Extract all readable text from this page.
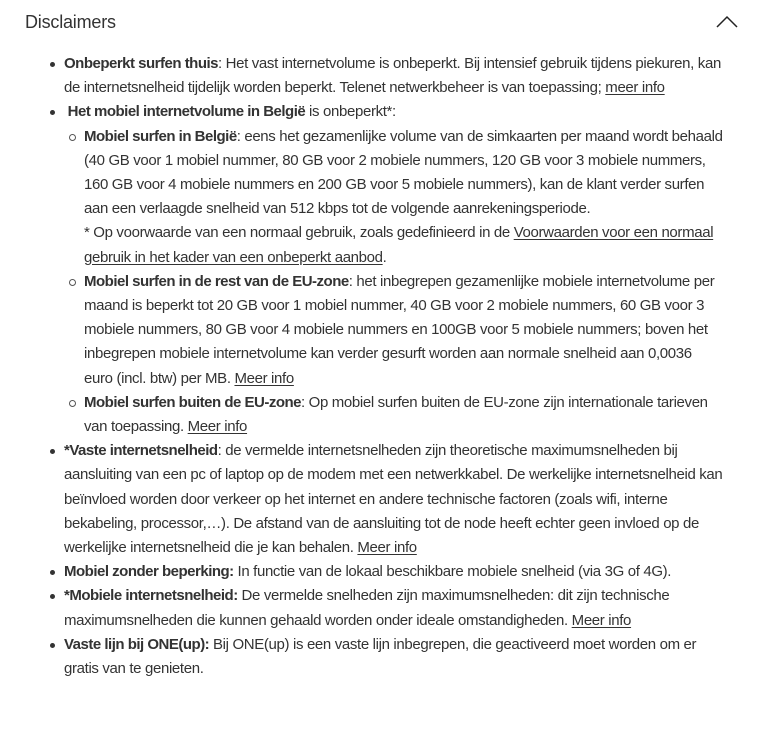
Disclaimers
Onbeperkt surfen thuis: Het vast internetvolume is onbeperkt. Bij intensief gebruik tijdens piekuren, kan de internetsnelheid tijdelijk worden beperkt. Telenet netwerkbeheer is van toepassing; meer info
Het mobiel internetvolume in België is onbeperkt*:
Mobiel surfen in België: eens het gezamenlijke volume van de simkaarten per maand wordt behaald (40 GB voor 1 mobiel nummer, 80 GB voor 2 mobiele nummers, 120 GB voor 3 mobiele nummers, 160 GB voor 4 mobiele nummers en 200 GB voor 5 mobiele nummers), kan de klant verder surfen aan een verlaagde snelheid van 512 kbps tot de volgende aanrekeningsperiode.
* Op voorwaarde van een normaal gebruik, zoals gedefinieerd in de Voorwaarden voor een normaal gebruik in het kader van een onbeperkt aanbod.
Mobiel surfen in de rest van de EU-zone: het inbegrepen gezamenlijke mobiele internetvolume per maand is beperkt tot 20 GB voor 1 mobiel nummer, 40 GB voor 2 mobiele nummers, 60 GB voor 3 mobiele nummers, 80 GB voor 4 mobiele nummers en 100GB voor 5 mobiele nummers; boven het inbegrepen mobiele internetvolume kan verder gesurft worden aan normale snelheid aan 0,0036 euro (incl. btw) per MB. Meer info
Mobiel surfen buiten de EU-zone: Op mobiel surfen buiten de EU-zone zijn internationale tarieven van toepassing. Meer info
*Vaste internetsnelheid: de vermelde internetsnelheden zijn theoretische maximumsnelheden bij aansluiting van een pc of laptop op de modem met een netwerkkabel. De werkelijke internetsnelheid kan beïnvloed worden door verkeer op het internet en andere technische factoren (zoals wifi, interne bekabeling, processor,…). De afstand van de aansluiting tot de node heeft echter geen invloed op de werkelijke internetsnelheid die je kan behalen. Meer info
Mobiel zonder beperking: In functie van de lokaal beschikbare mobiele snelheid (via 3G of 4G).
*Mobiele internetsnelheid: De vermelde snelheden zijn maximumsnelheden: dit zijn technische maximumsnelheden die kunnen gehaald worden onder ideale omstandigheden. Meer info
Vaste lijn bij ONE(up): Bij ONE(up) is een vaste lijn inbegrepen, die geactiveerd moet worden om er gratis van te genieten.
